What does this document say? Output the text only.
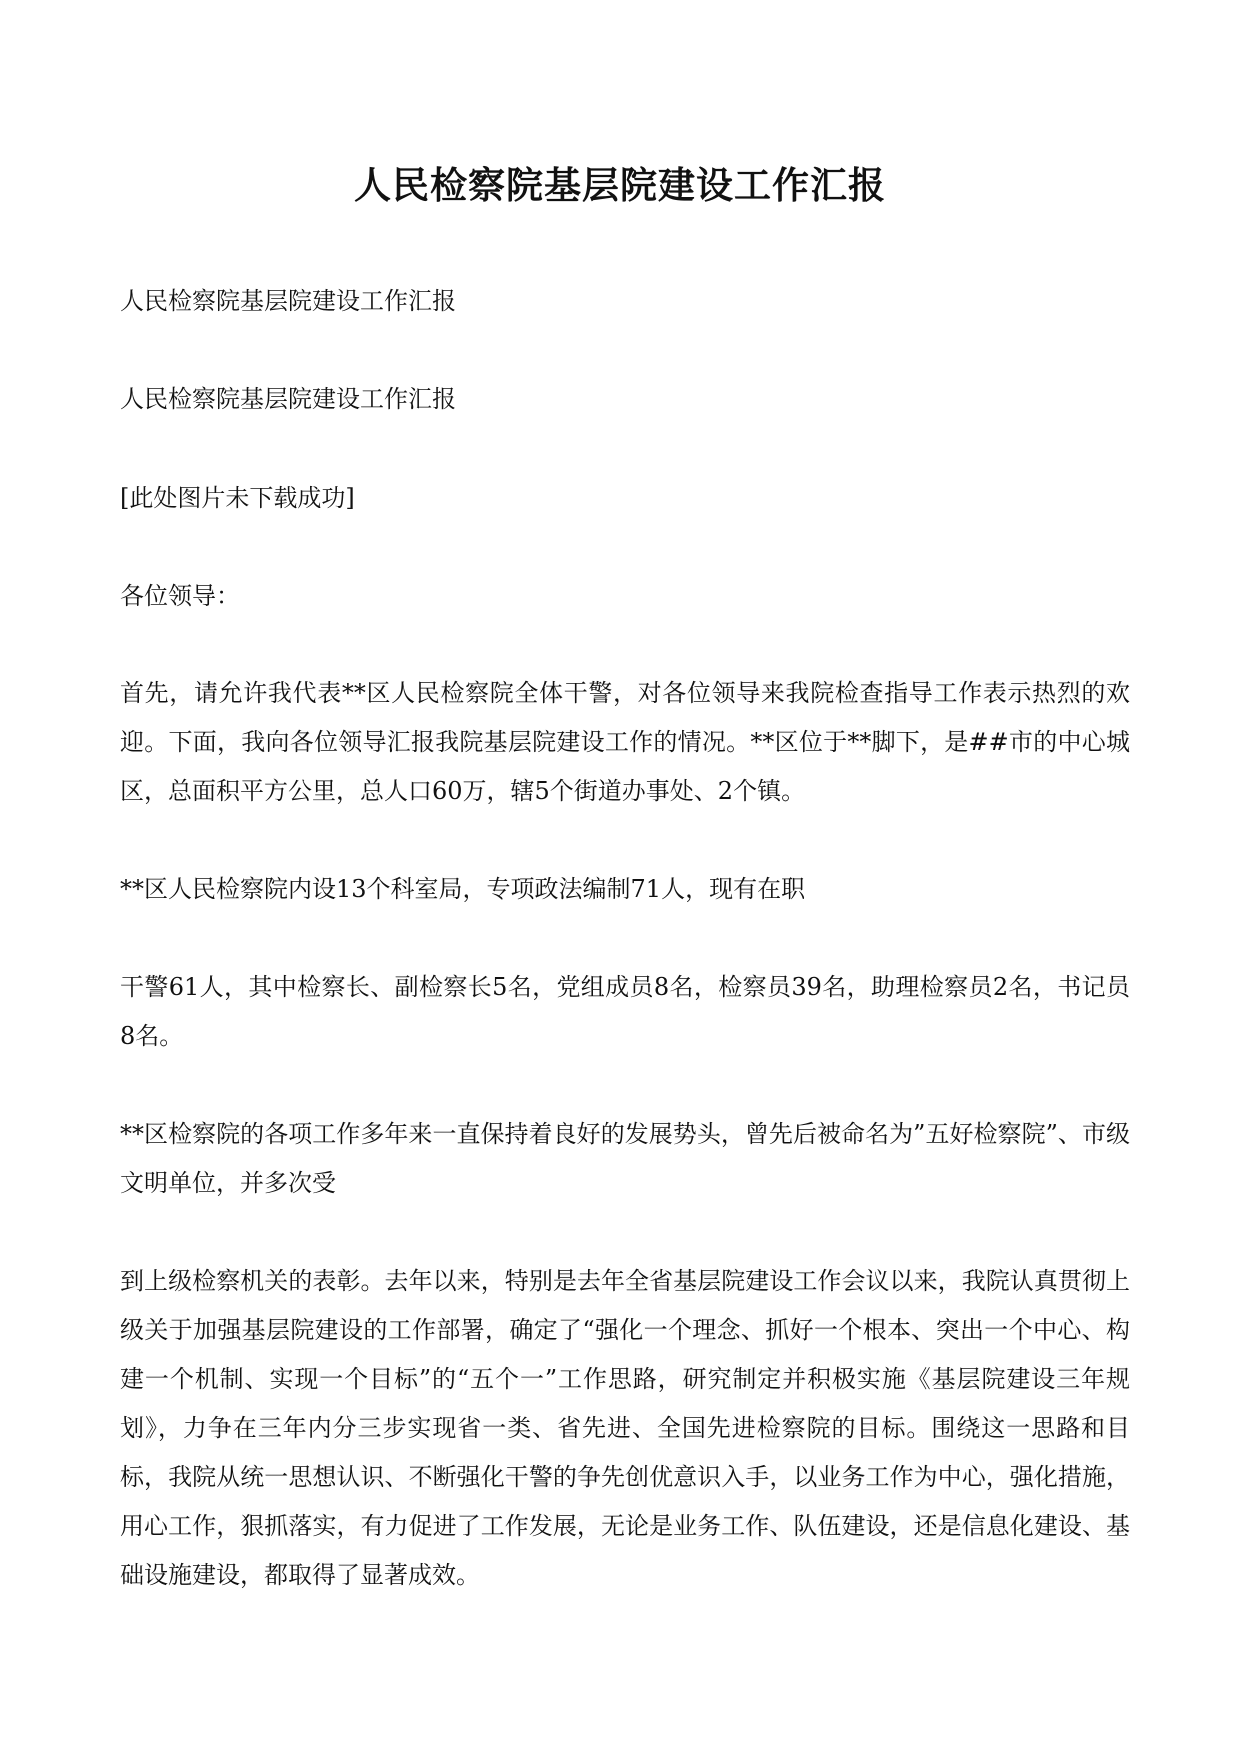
人民检察院基层院建设工作汇报

人民检察院基层院建设工作汇报

人民检察院基层院建设工作汇报

[此处图片未下载成功]

各位领导：

首先，请允许我代表**区人民检察院全体干警，对各位领导来我院检查指导工作表示热烈的欢迎。下面，我向各位领导汇报我院基层院建设工作的情况。**区位于**脚下，是##市的中心城区，总面积平方公里，总人口60万，辖5个街道办事处、2个镇。

**区人民检察院内设13个科室局，专项政法编制71人，现有在职

干警61人，其中检察长、副检察长5名，党组成员8名，检察员39名，助理检察员2名，书记员8名。

**区检察院的各项工作多年来一直保持着良好的发展势头，曾先后被命名为”五好检察院”、市级文明单位，并多次受

到上级检察机关的表彰。去年以来，特别是去年全省基层院建设工作会议以来，我院认真贯彻上级关于加强基层院建设的工作部署，确定了“强化一个理念、抓好一个根本、突出一个中心、构建一个机制、实现一个目标”的“五个一”工作思路，研究制定并积极实施《基层院建设三年规划》，力争在三年内分三步实现省一类、省先进、全国先进检察院的目标。围绕这一思路和目标，我院从统一思想认识、不断强化干警的争先创优意识入手，以业务工作为中心，强化措施，用心工作，狠抓落实，有力促进了工作发展，无论是业务工作、队伍建设，还是信息化建设、基础设施建设，都取得了显著成效。
